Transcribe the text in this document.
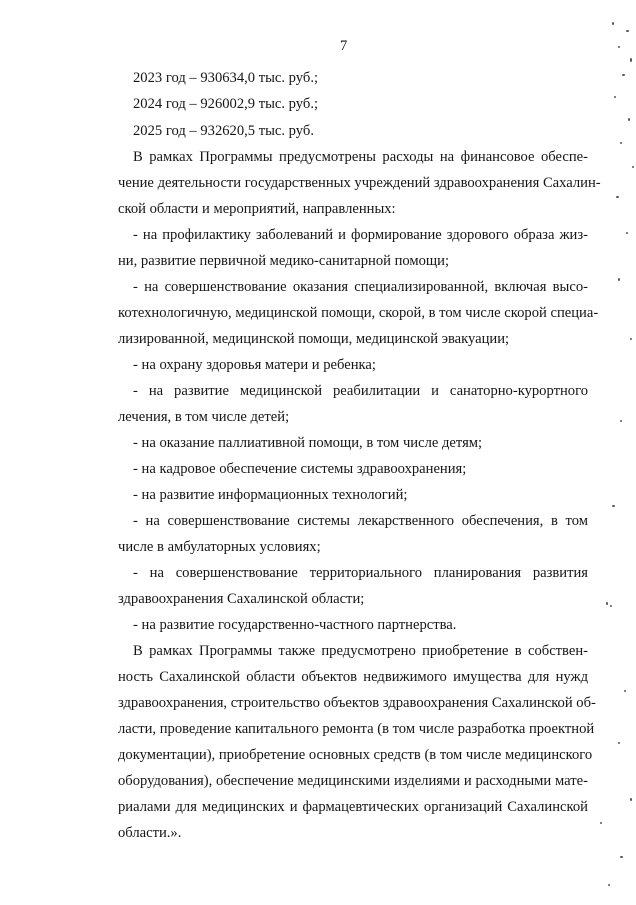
7
2023 год – 930634,0 тыс. руб.;
2024 год – 926002,9 тыс. руб.;
2025 год – 932620,5 тыс. руб.
В рамках Программы предусмотрены расходы на финансовое обеспе-
чение деятельности государственных учреждений здравоохранения Сахалин-
ской области и мероприятий, направленных:
- на профилактику заболеваний и формирование здорового образа жиз-
ни, развитие первичной медико-санитарной помощи;
- на совершенствование оказания специализированной, включая высо-
котехнологичную, медицинской помощи, скорой, в том числе скорой специа-
лизированной, медицинской помощи, медицинской эвакуации;
- на охрану здоровья матери и ребенка;
- на развитие медицинской реабилитации и санаторно-курортного
лечения, в том числе детей;
- на оказание паллиативной помощи, в том числе детям;
- на кадровое обеспечение системы здравоохранения;
- на развитие информационных технологий;
- на совершенствование системы лекарственного обеспечения, в том
числе в амбулаторных условиях;
- на совершенствование территориального планирования развития
здравоохранения Сахалинской области;
- на развитие государственно-частного партнерства.
В рамках Программы также предусмотрено приобретение в собствен-
ность Сахалинской области объектов недвижимого имущества для нужд
здравоохранения, строительство объектов здравоохранения Сахалинской об-
ласти, проведение капитального ремонта (в том числе разработка проектной
документации), приобретение основных средств (в том числе медицинского
оборудования), обеспечение медицинскими изделиями и расходными мате-
риалами для медицинских и фармацевтических организаций Сахалинской
области.».
